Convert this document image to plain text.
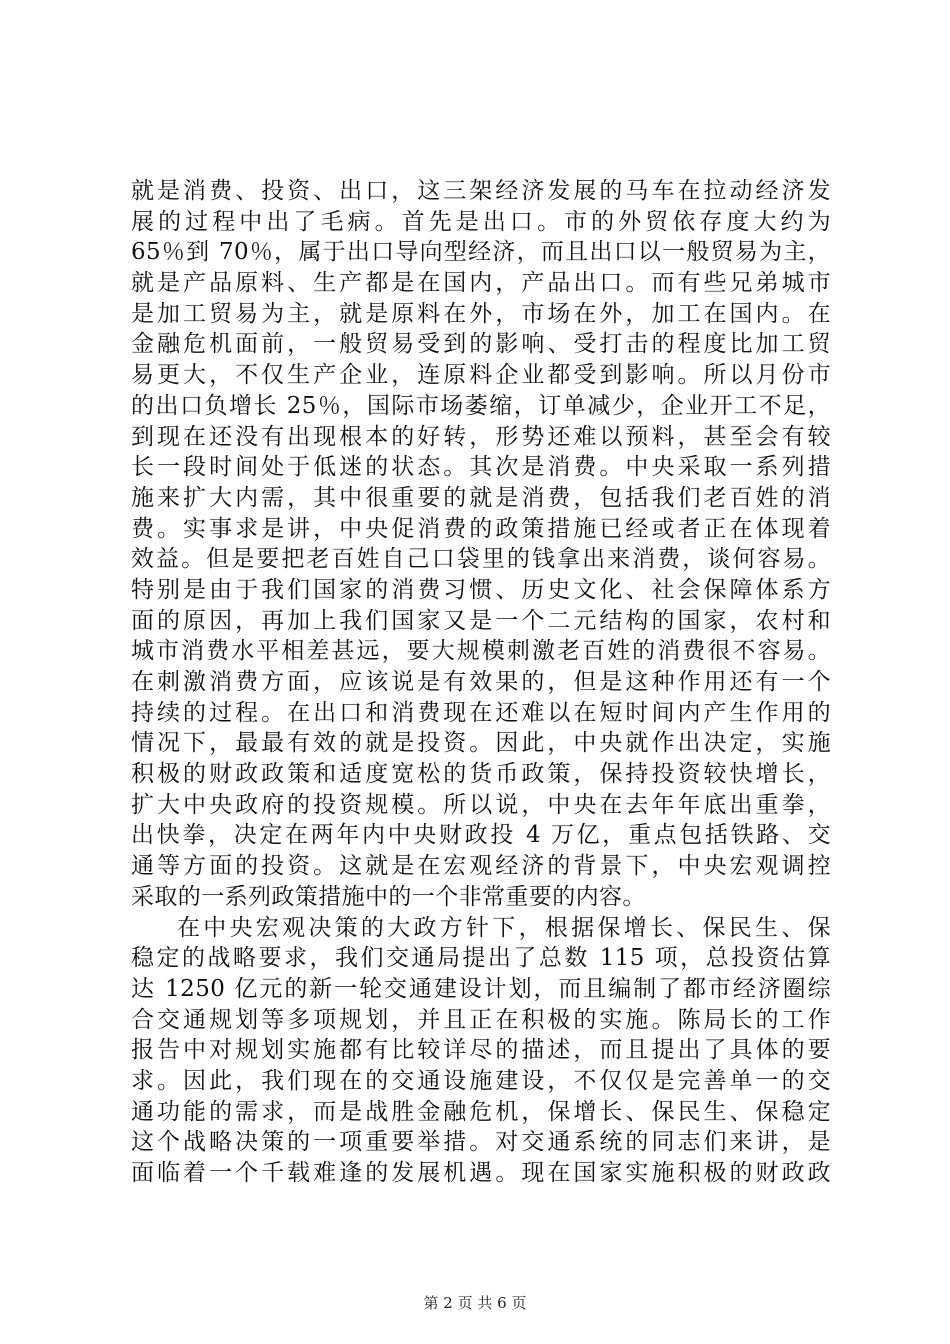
就是消费、投资、出口，这三架经济发展的马车在拉动经济发
展的过程中出了毛病。首先是出口。市的外贸依存度大约为
65％到 70％，属于出口导向型经济，而且出口以一般贸易为主，
就是产品原料、生产都是在国内，产品出口。而有些兄弟城市
是加工贸易为主，就是原料在外，市场在外，加工在国内。在
金融危机面前，一般贸易受到的影响、受打击的程度比加工贸
易更大，不仅生产企业，连原料企业都受到影响。所以月份市
的出口负增长 25％，国际市场萎缩，订单减少，企业开工不足，
到现在还没有出现根本的好转，形势还难以预料，甚至会有较
长一段时间处于低迷的状态。其次是消费。中央采取一系列措
施来扩大内需，其中很重要的就是消费，包括我们老百姓的消
费。实事求是讲，中央促消费的政策措施已经或者正在体现着
效益。但是要把老百姓自己口袋里的钱拿出来消费，谈何容易。
特别是由于我们国家的消费习惯、历史文化、社会保障体系方
面的原因，再加上我们国家又是一个二元结构的国家，农村和
城市消费水平相差甚远，要大规模刺激老百姓的消费很不容易。
在刺激消费方面，应该说是有效果的，但是这种作用还有一个
持续的过程。在出口和消费现在还难以在短时间内产生作用的
情况下，最最有效的就是投资。因此，中央就作出决定，实施
积极的财政政策和适度宽松的货币政策，保持投资较快增长，
扩大中央政府的投资规模。所以说，中央在去年年底出重拳，
出快拳，决定在两年内中央财政投 4 万亿，重点包括铁路、交
通等方面的投资。这就是在宏观经济的背景下，中央宏观调控
采取的一系列政策措施中的一个非常重要的内容。
在中央宏观决策的大政方针下，根据保增长、保民生、保
稳定的战略要求，我们交通局提出了总数 115 项，总投资估算
达 1250 亿元的新一轮交通建设计划，而且编制了都市经济圈综
合交通规划等多项规划，并且正在积极的实施。陈局长的工作
报告中对规划实施都有比较详尽的描述，而且提出了具体的要
求。因此，我们现在的交通设施建设，不仅仅是完善单一的交
通功能的需求，而是战胜金融危机，保增长、保民生、保稳定
这个战略决策的一项重要举措。对交通系统的同志们来讲，是
面临着一个千载难逢的发展机遇。现在国家实施积极的财政政
第 2 页 共 6 页
